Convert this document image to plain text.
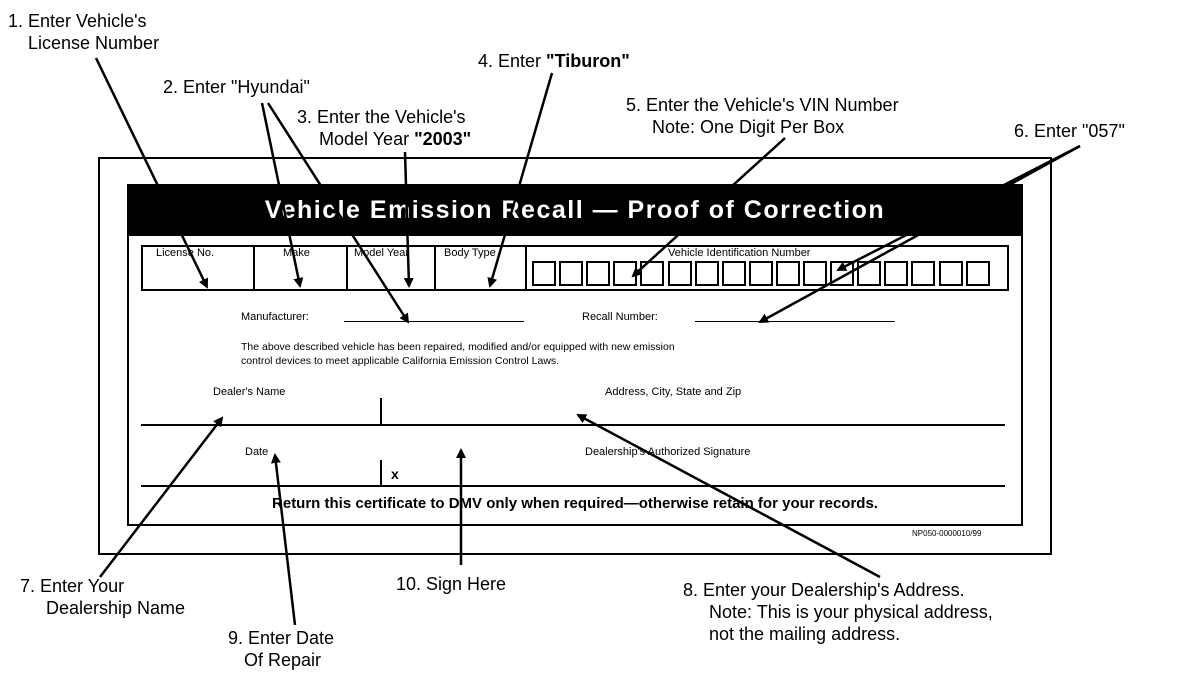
Vehicle Emission Recall — Proof of Correction
License No.	Make	Model Year	Body Type	Vehicle Identification Number
Manufacturer:	Recall Number:
The above described vehicle has been repaired, modified and/or equipped with new emission
control devices to meet applicable California Emission Control Laws.
Dealer's Name	Address, City, State and Zip
Date	Dealership's Authorized Signature
x
Return this certificate to DMV only when required—otherwise retain for your records.
NP050-0000010/99
1. Enter Vehicle's
License Number
2. Enter "Hyundai"
3. Enter the Vehicle's
Model Year "2003"
4. Enter "Tiburon"
5. Enter the Vehicle's VIN Number
Note: One Digit Per Box	6. Enter "057"
7. Enter Your
Dealership Name
8. Enter your Dealership's Address.
Note: This is your physical address,
not the mailing address.
9. Enter Date
Of Repair
10. Sign Here
